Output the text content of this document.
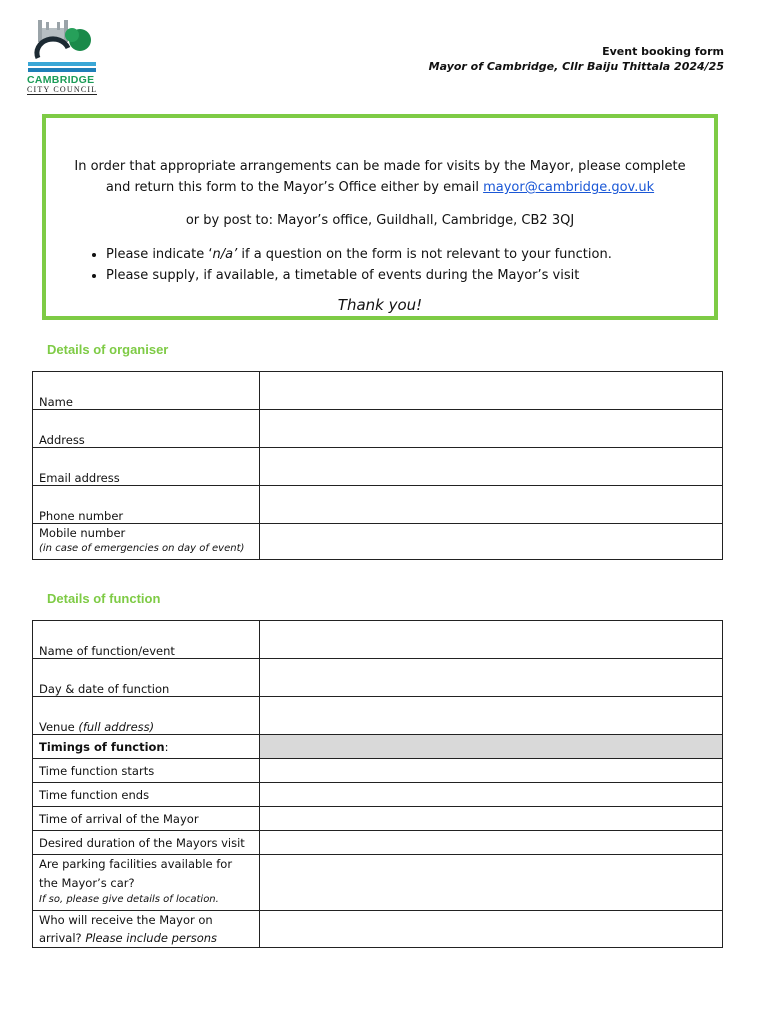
CAMBRIDGE
CITY COUNCIL
Event booking form
Mayor of Cambridge, Cllr Baiju Thittala 2024/25

In order that appropriate arrangements can be made for visits by the Mayor, please complete and return this form to the Mayor’s Office either by email mayor@cambridge.gov.uk

or by post to: Mayor’s office, Guildhall, Cambridge, CB2 3QJ

• Please indicate ‘n/a’ if a question on the form is not relevant to your function.
• Please supply, if available, a timetable of events during the Mayor’s visit
Thank you!
Details of organiser
Name	
Address	
Email address	
Phone number	

Mobile number
(in case of emergencies on day of event)	

Details of function
Name of function/event	
Day & date of function	
Venue (full address)	
Timings of function:	
Time function starts	
Time function ends	
Time of arrival of the Mayor	
Desired duration of the Mayors visit	

Are parking facilities available for
the Mayor’s car?
If so, please give details of location.	

Who will receive the Mayor on
arrival? Please include persons	
